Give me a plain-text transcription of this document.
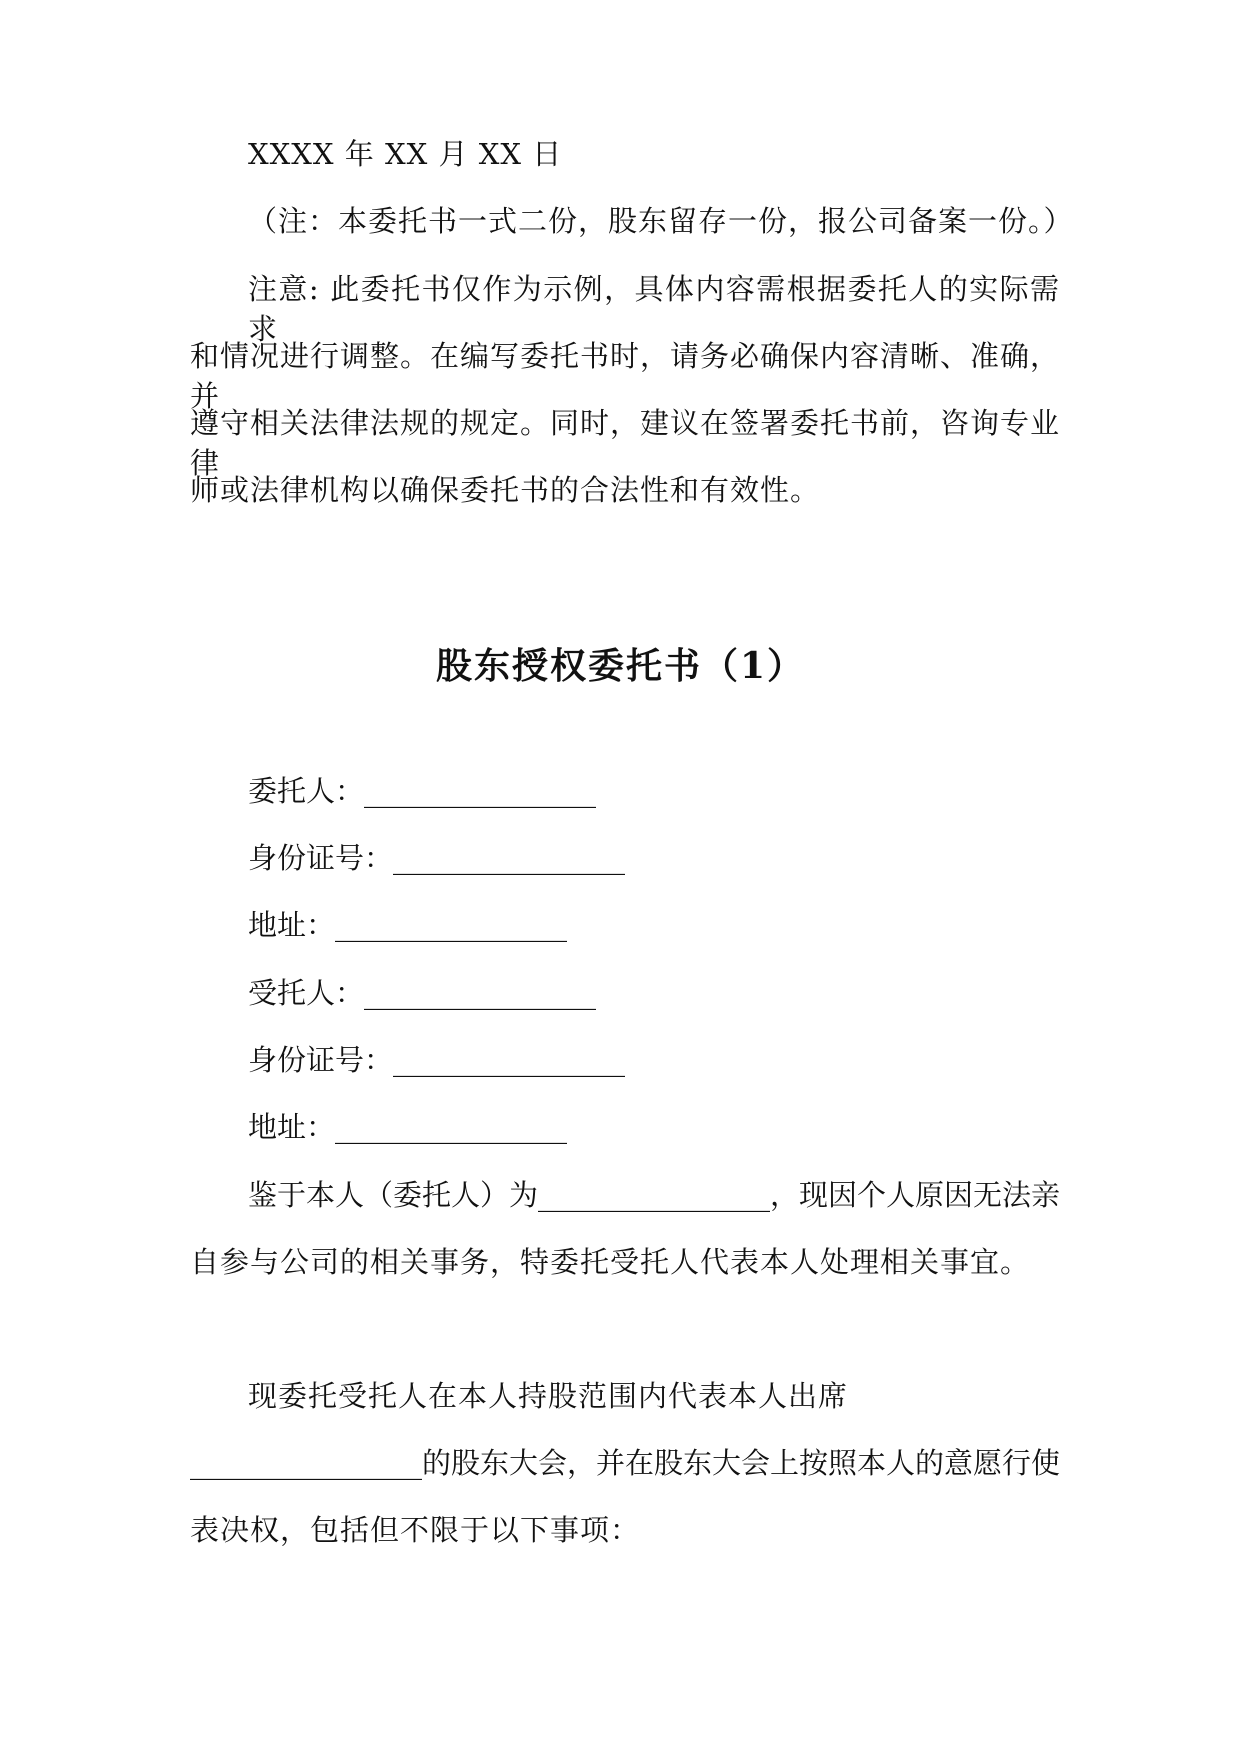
XXXX 年 XX 月 XX 日
（注：本委托书一式二份，股东留存一份，报公司备案一份。）
注意: 此委托书仅作为示例，具体内容需根据委托人的实际需求
和情况进行调整。在编写委托书时，请务必确保内容清晰、准确，并
遵守相关法律法规的规定。同时，建议在签署委托书前，咨询专业律
师或法律机构以确保委托书的合法性和有效性。
股东授权委托书（1）
委托人：________________
身份证号：________________
地址：________________
受托人：________________
身份证号：________________
地址：________________
鉴于本人（委托人）为________________，现因个人原因无法亲
自参与公司的相关事务，特委托受托人代表本人处理相关事宜。
现委托受托人在本人持股范围内代表本人出席
________________的股东大会，并在股东大会上按照本人的意愿行使
表决权，包括但不限于以下事项：
